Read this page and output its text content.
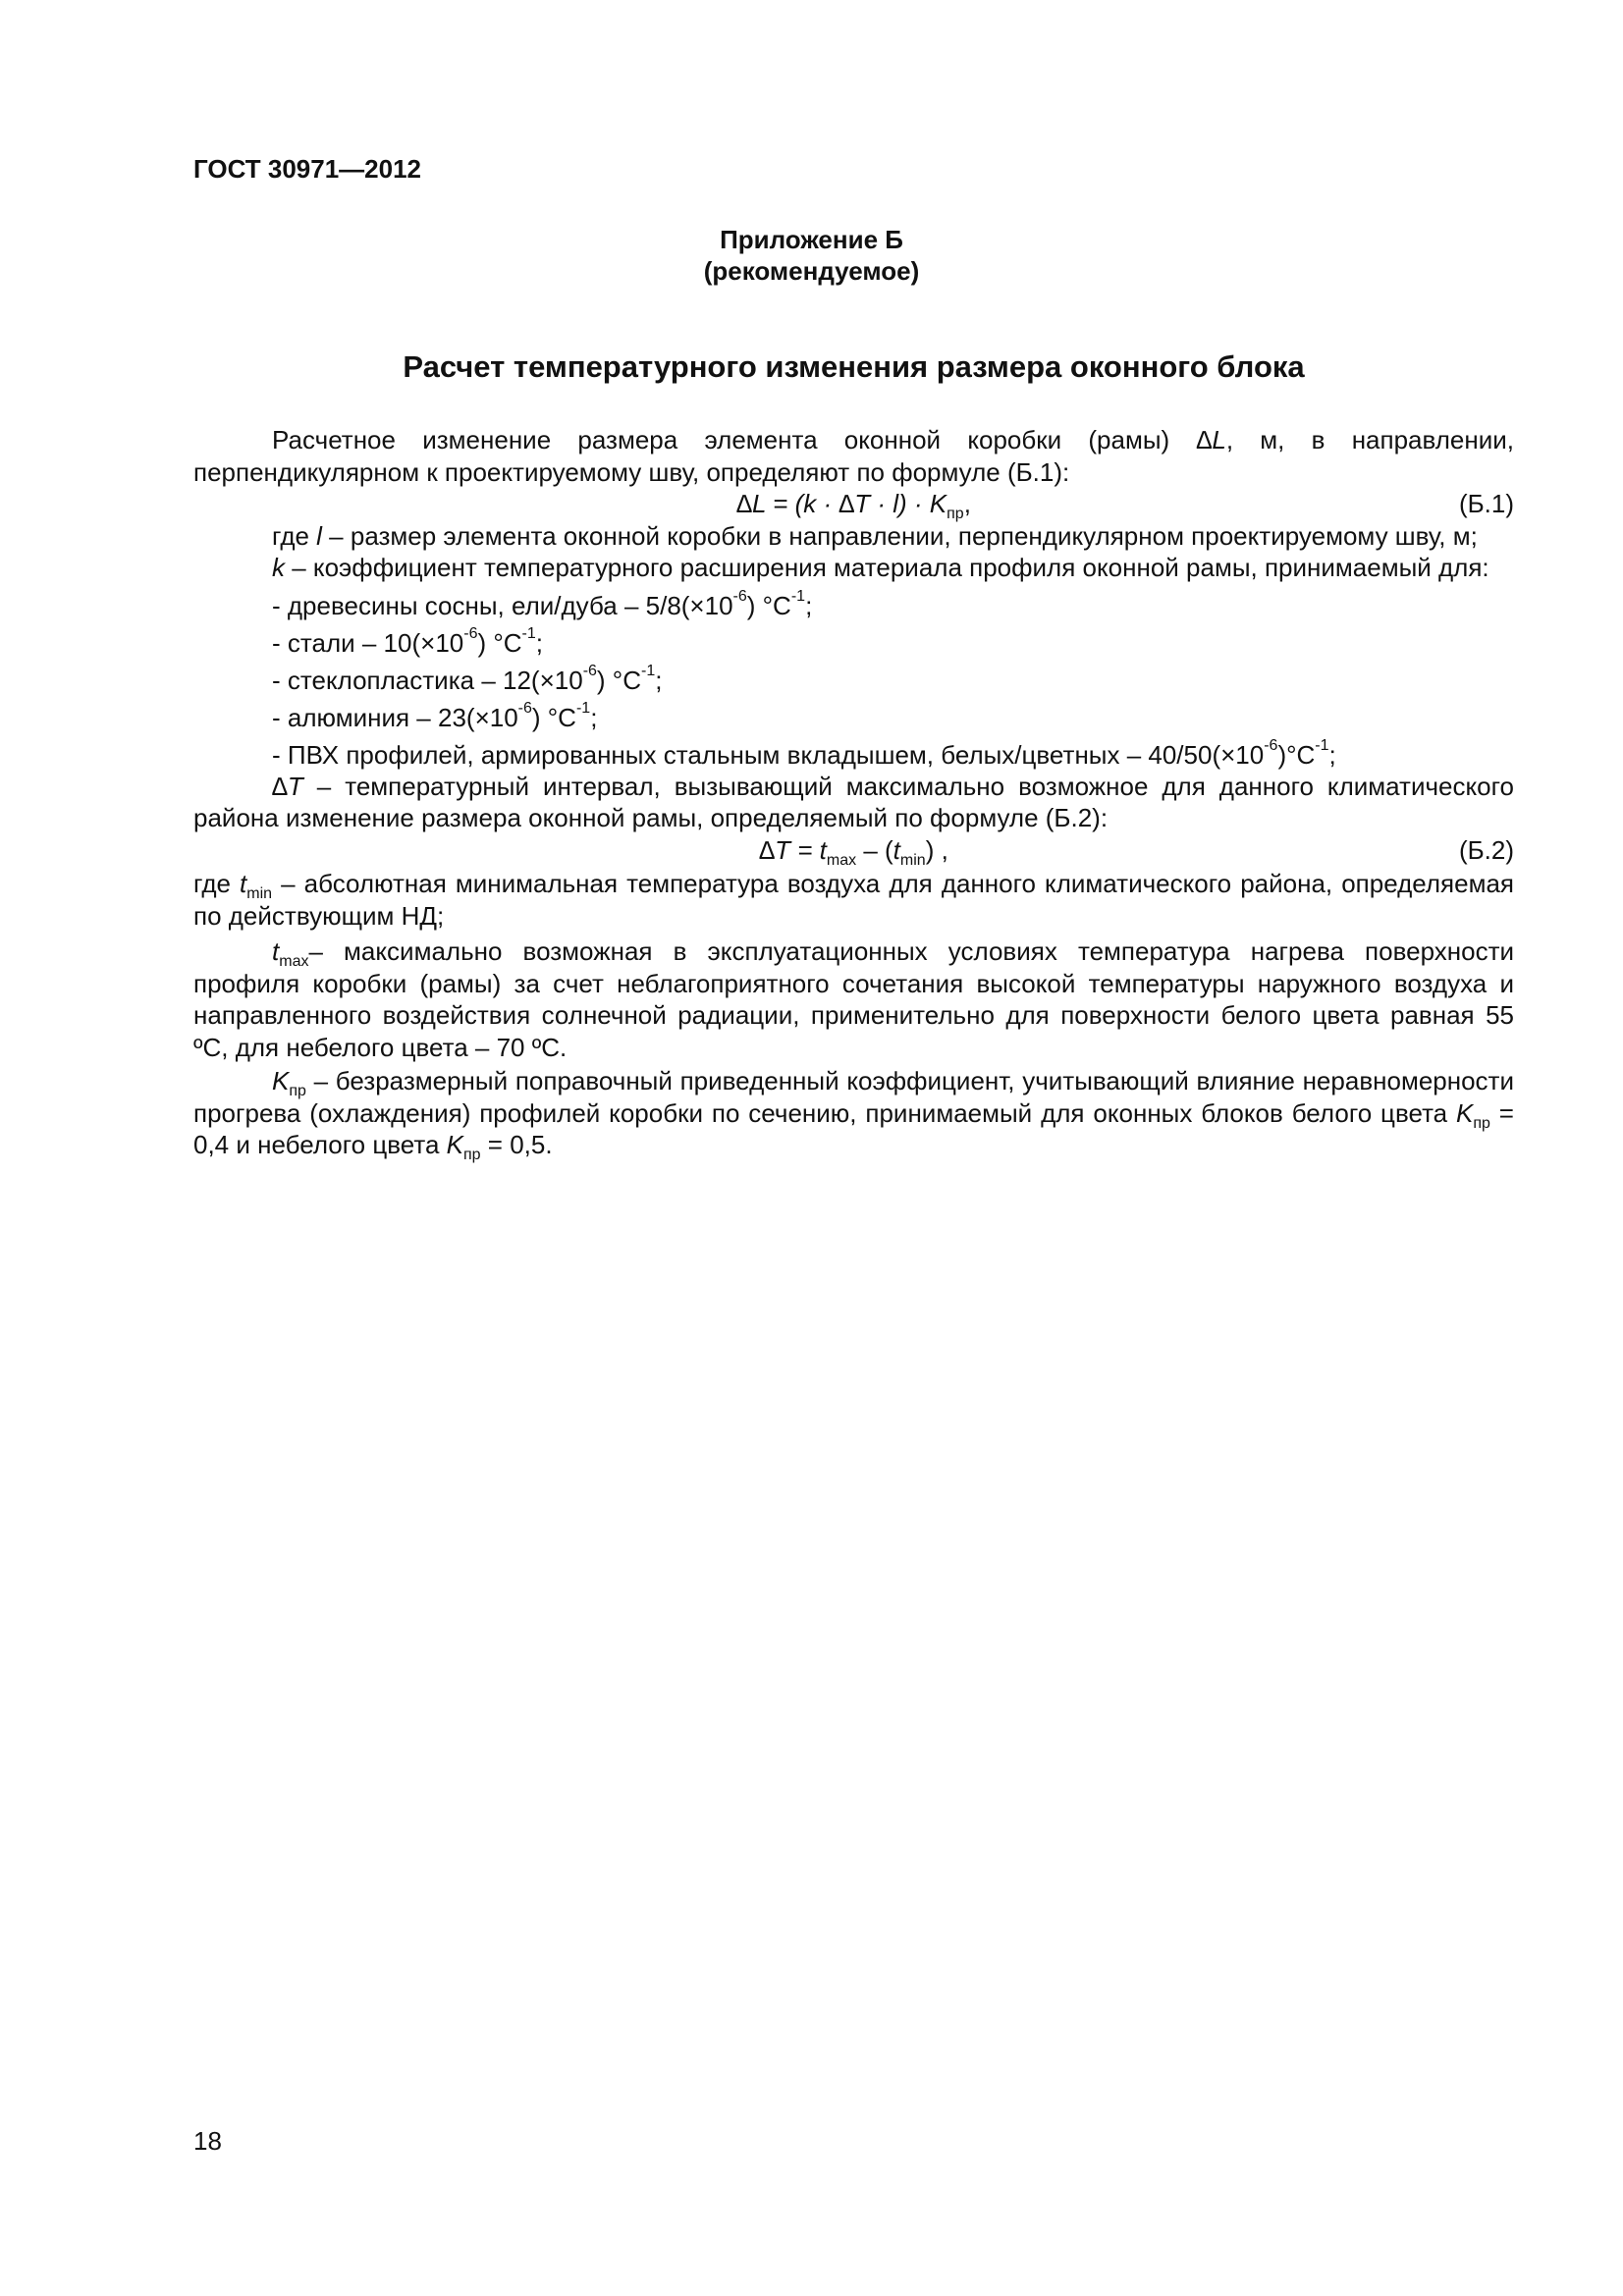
ГОСТ 30971—2012
Приложение Б
(рекомендуемое)
Расчет температурного изменения размера оконного блока

Расчетное изменение размера элемента оконной коробки (рамы) ∆L, м, в направлении, перпендикулярном к проектируемому шву, определяют по формуле (Б.1):

$\Delta L = (k \cdot \Delta T \cdot l) \cdot K_{пр}$,	(Б.1)

где l – размер элемента оконной коробки в направлении, перпендикулярном проектируемому шву, м;

k – коэффициент температурного расширения материала профиля оконной рамы, принимаемый для:

- древесины сосны, ели/дуба – $5/8(\times 10^{-6})$ $^\circ C^{-1}$;
- стали – $10(\times 10^{-6})$ $^\circ C^{-1}$;
- стеклопластика – $12(\times 10^{-6})$ $^\circ C^{-1}$;
- алюминия – $23(\times 10^{-6})$ $^\circ C^{-1}$;
- ПВХ профилей, армированных стальным вкладышем, белых/цветных – $40/50(\times 10^{-6})^\circ C^{-1}$;

∆T – температурный интервал, вызывающий максимально возможное для данного климатического района изменение размера оконной рамы, определяемый по формуле (Б.2):

$\Delta T = t_{max} - (t_{min})$ ,	(Б.2)

где $t_{min}$ – абсолютная минимальная температура воздуха для данного климатического района, определяемая по действующим НД;

$t_{max}-$ максимально возможная в эксплуатационных условиях температура нагрева поверхности профиля коробки (рамы) за счет неблагоприятного сочетания высокой температуры наружного воздуха и направленного воздействия солнечной радиации, применительно для поверхности белого цвета равная 55 ºС, для небелого цвета – 70 ºС.

$K_{пр}$ – безразмерный поправочный приведенный коэффициент, учитывающий влияние неравномерности прогрева (охлаждения) профилей коробки по сечению, принимаемый для оконных блоков белого цвета $K_{пр} = 0,4$ и небелого цвета $K_{пр} = 0,5$.

18
